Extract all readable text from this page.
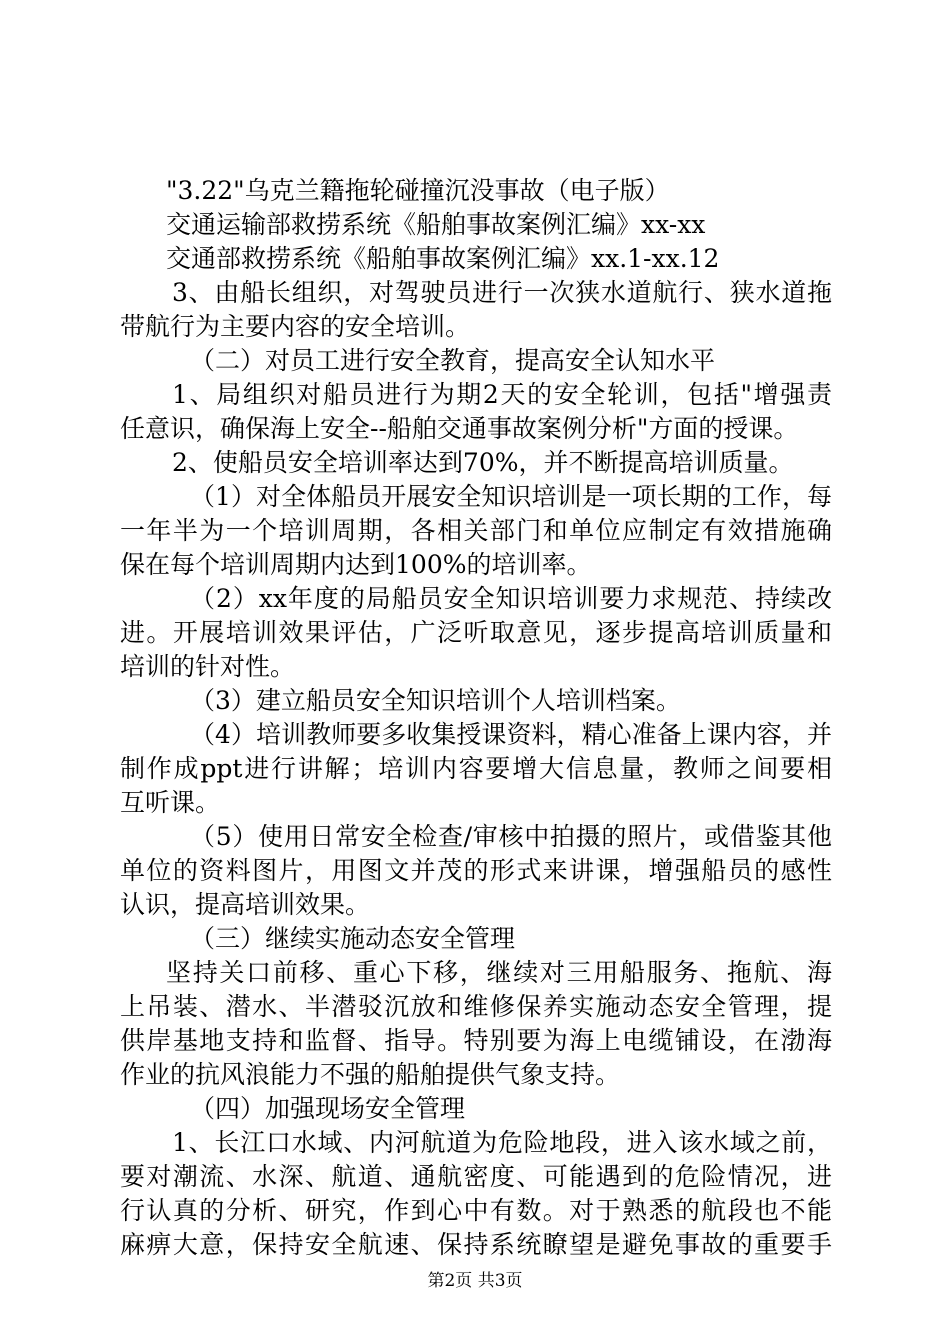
"3.22"乌克兰籍拖轮碰撞沉没事故（电子版）
交通运输部救捞系统《船舶事故案例汇编》xx-xx
交通部救捞系统《船舶事故案例汇编》xx.1-xx.12
3、由船长组织，对驾驶员进行一次狭水道航行、狭水道拖
带航行为主要内容的安全培训。
（二）对员工进行安全教育，提高安全认知水平
1、局组织对船员进行为期2天的安全轮训，包括"增强责
任意识，确保海上安全--船舶交通事故案例分析"方面的授课。
2、使船员安全培训率达到70%，并不断提高培训质量。
（1）对全体船员开展安全知识培训是一项长期的工作，每
一年半为一个培训周期，各相关部门和单位应制定有效措施确
保在每个培训周期内达到100%的培训率。
（2）xx年度的局船员安全知识培训要力求规范、持续改
进。开展培训效果评估，广泛听取意见，逐步提高培训质量和
培训的针对性。
（3）建立船员安全知识培训个人培训档案。
（4）培训教师要多收集授课资料，精心准备上课内容，并
制作成ppt进行讲解；培训内容要增大信息量，教师之间要相
互听课。
（5）使用日常安全检查/审核中拍摄的照片，或借鉴其他
单位的资料图片，用图文并茂的形式来讲课，增强船员的感性
认识，提高培训效果。
（三）继续实施动态安全管理
坚持关口前移、重心下移，继续对三用船服务、拖航、海
上吊装、潜水、半潜驳沉放和维修保养实施动态安全管理，提
供岸基地支持和监督、指导。特别要为海上电缆铺设，在渤海
作业的抗风浪能力不强的船舶提供气象支持。
（四）加强现场安全管理
1、长江口水域、内河航道为危险地段，进入该水域之前，
要对潮流、水深、航道、通航密度、可能遇到的危险情况，进
行认真的分析、研究，作到心中有数。对于熟悉的航段也不能
麻痹大意，保持安全航速、保持系统瞭望是避免事故的重要手
第2页 共3页
